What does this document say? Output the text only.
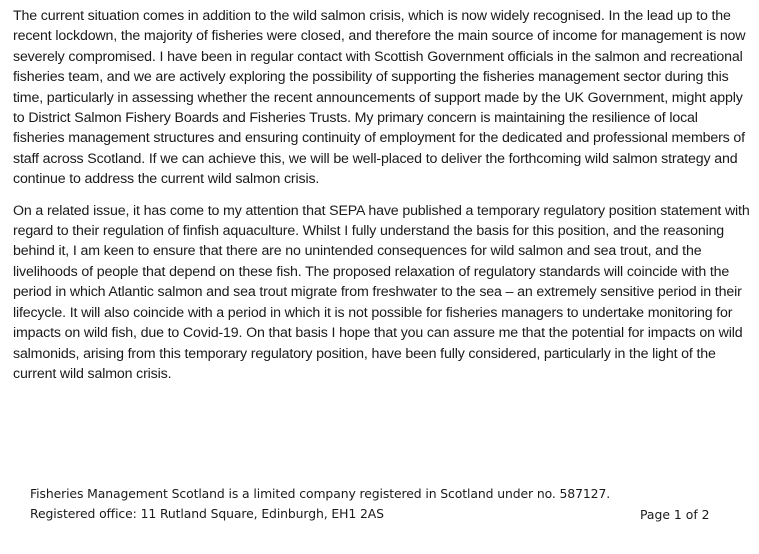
The current situation comes in addition to the wild salmon crisis, which is now widely recognised. In the lead up to the recent lockdown, the majority of fisheries were closed, and therefore the main source of income for management is now severely compromised. I have been in regular contact with Scottish Government officials in the salmon and recreational fisheries team, and we are actively exploring the possibility of supporting the fisheries management sector during this time, particularly in assessing whether the recent announcements of support made by the UK Government, might apply to District Salmon Fishery Boards and Fisheries Trusts. My primary concern is maintaining the resilience of local fisheries management structures and ensuring continuity of employment for the dedicated and professional members of staff across Scotland. If we can achieve this, we will be well-placed to deliver the forthcoming wild salmon strategy and continue to address the current wild salmon crisis.

On a related issue, it has come to my attention that SEPA have published a temporary regulatory position statement with regard to their regulation of finfish aquaculture. Whilst I fully understand the basis for this position, and the reasoning behind it, I am keen to ensure that there are no unintended consequences for wild salmon and sea trout, and the livelihoods of people that depend on these fish. The proposed relaxation of regulatory standards will coincide with the period in which Atlantic salmon and sea trout migrate from freshwater to the sea – an extremely sensitive period in their lifecycle. It will also coincide with a period in which it is not possible for fisheries managers to undertake monitoring for impacts on wild fish, due to Covid-19. On that basis I hope that you can assure me that the potential for impacts on wild salmonids, arising from this temporary regulatory position, have been fully considered, particularly in the light of the current wild salmon crisis.

Fisheries Management Scotland is a limited company registered in Scotland under no. 587127.
Registered office: 11 Rutland Square, Edinburgh, EH1 2AS	Page 1 of 2
